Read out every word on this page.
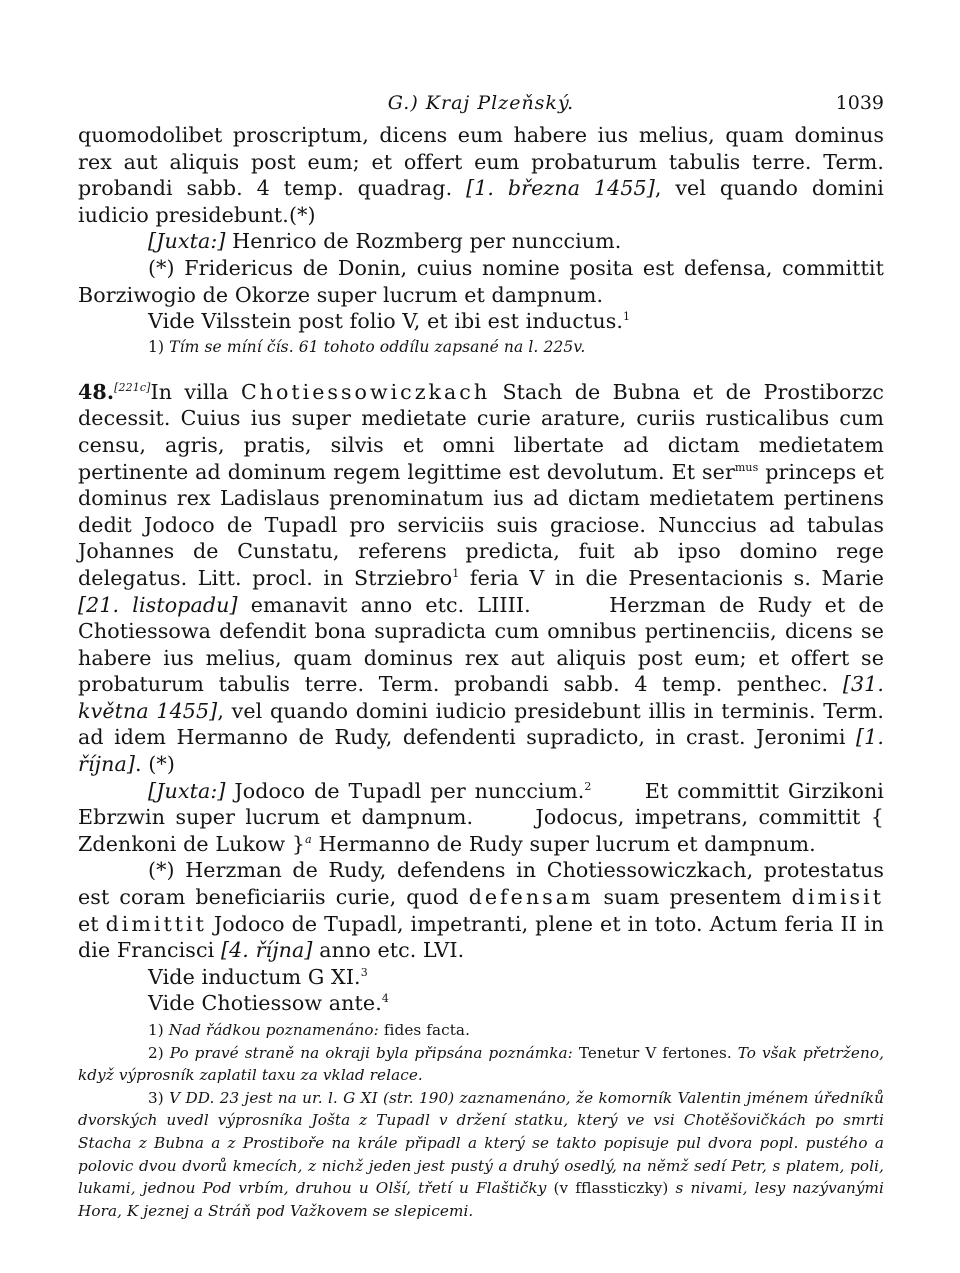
G.) Kraj Plzeňský.	1039

quomodolibet proscriptum, dicens eum habere ius melius, quam dominus rex aut aliquis post eum; et offert eum probaturum tabulis terre. Term. probandi sabb. 4 temp. quadrag. [1. března 1455], vel quando domini iudicio presidebunt.(*)

[Juxta:] Henrico de Rozmberg per nunccium.

(*) Fridericus de Donin, cuius nomine posita est defensa, committit Borziwogio de Okorze super lucrum et dampnum.

Vide Vilsstein post folio V, et ibi est inductus.$^1$

1) Tím se míní čís. 61 tohoto oddílu zapsané na l. 225v.

48.[221c]In villa Chotiessowiczkach Stach de Bubna et de Prostiborzc decessit. Cuius ius super medietate curie arature, curiis rusticalibus cum censu, agris, pratis, silvis et omni libertate ad dictam medietatem pertinente ad dominum regem legittime est devolutum. Et ser$^{mus}$ princeps et dominus rex Ladislaus prenominatum ius ad dictam medietatem pertinens dedit Jodoco de Tupadl pro serviciis suis graciose. Nunccius ad tabulas Johannes de Cunstatu, referens predicta, fuit ab ipso domino rege delegatus. Litt. procl. in Strziebro$^1$ feria V in die Presentacionis s. Marie [21. listopadu] emanavit anno etc. LIIII.      Herzman de Rudy et de Chotiessowa defendit bona supradicta cum omnibus pertinenciis, dicens se habere ius melius, quam dominus rex aut aliquis post eum; et offert se probaturum tabulis terre. Term. probandi sabb. 4 temp. penthec. [31. května 1455], vel quando domini iudicio presidebunt illis in terminis. Term. ad idem Hermanno de Rudy, defendenti supradicto, in crast. Jeronimi [1. října]. (*)

[Juxta:] Jodoco de Tupadl per nunccium.$^2$      Et committit Girzikoni Ebrzwin super lucrum et dampnum.      Jodocus, impetrans, committit { Zdenkoni de Lukow }$^a$ Hermanno de Rudy super lucrum et dampnum.

(*) Herzman de Rudy, defendens in Chotiessowiczkach, protestatus est coram beneficiariis curie, quod defensam suam presentem dimisit et dimittit Jodoco de Tupadl, impetranti, plene et in toto. Actum feria II in die Francisci [4. října] anno etc. LVI.

Vide inductum G XI.$^3$

Vide Chotiessow ante.$^4$

1) Nad řádkou poznamenáno: fides facta.

2) Po pravé straně na okraji byla připsána poznámka: Tenetur V fertones. To však přetrženo, když výprosník zaplatil taxu za vklad relace.

3) V DD. 23 jest na ur. l. G XI (str. 190) zaznamenáno, že komorník Valentin jménem úředníků dvorských uvedl výprosníka Jošta z Tupadl v držení statku, který ve vsi Chotěšovičkách po smrti Stacha z Bubna a z Prostiboře na krále připadl a který se takto popisuje pul dvora popl. pustého a polovic dvou dvorů kmecích, z nichž jeden jest pustý a druhý osedlý, na němž sedí Petr, s platem, poli, lukami, jednou Pod vrbím, druhou u Olší, třetí u Flaštičky (v fflassticzky) s nivami, lesy nazývanými Hora, K jeznej a Stráň pod Važkovem se slepicemi.
